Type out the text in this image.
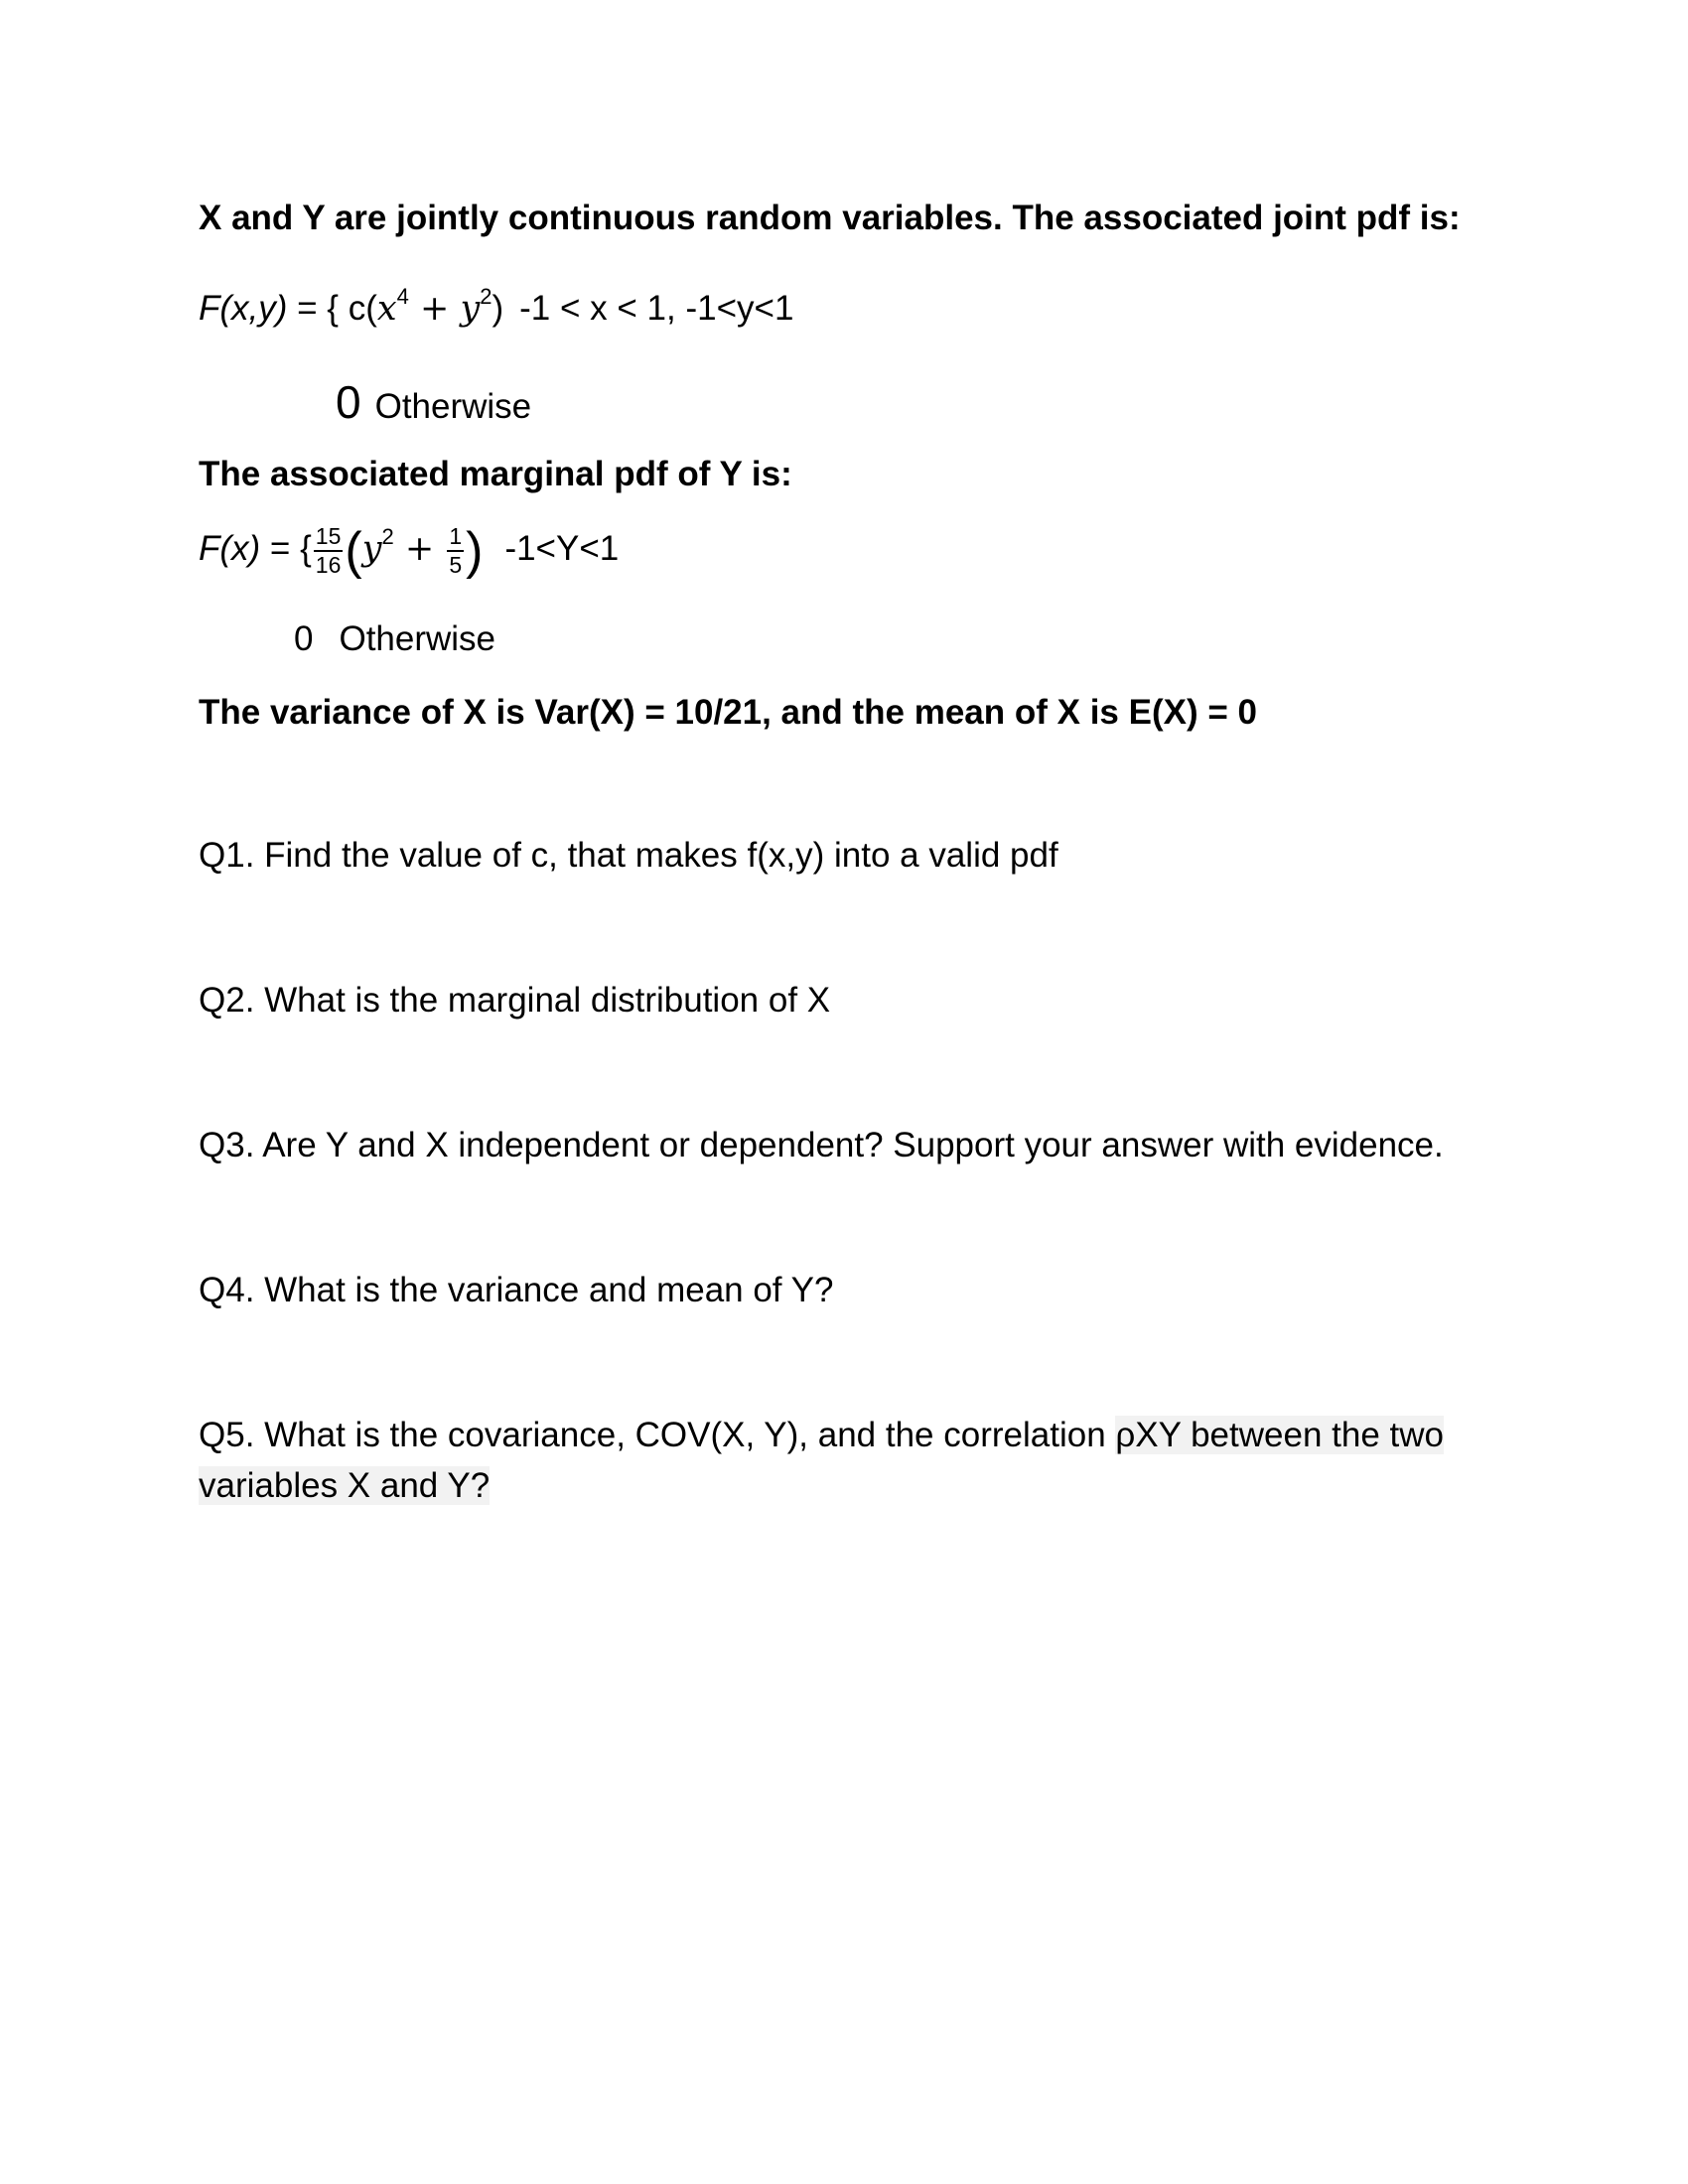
X and Y are jointly continuous random variables. The associated joint pdf is:
F(x,y) = { $c(x^4 + y^2) -1 < x < 1$, -1<y<1
0 Otherwise
The associated marginal pdf of Y is:
F(x) = { $\frac{15}{16} (y^2 + \frac{1}{5}$ ) -1<Y<1
0 Otherwise
The variance of X is Var(X) = 10/21, and the mean of X is E(X) = 0
Q1. Find the value of c, that makes f(x,y) into a valid pdf
Q2. What is the marginal distribution of X
Q3. Are Y and X independent or dependent? Support your answer with evidence.
Q4. What is the variance and mean of Y?
Q5. What is the covariance, COV(X, Y), and the correlation ρXY between the two
variables X and Y?
